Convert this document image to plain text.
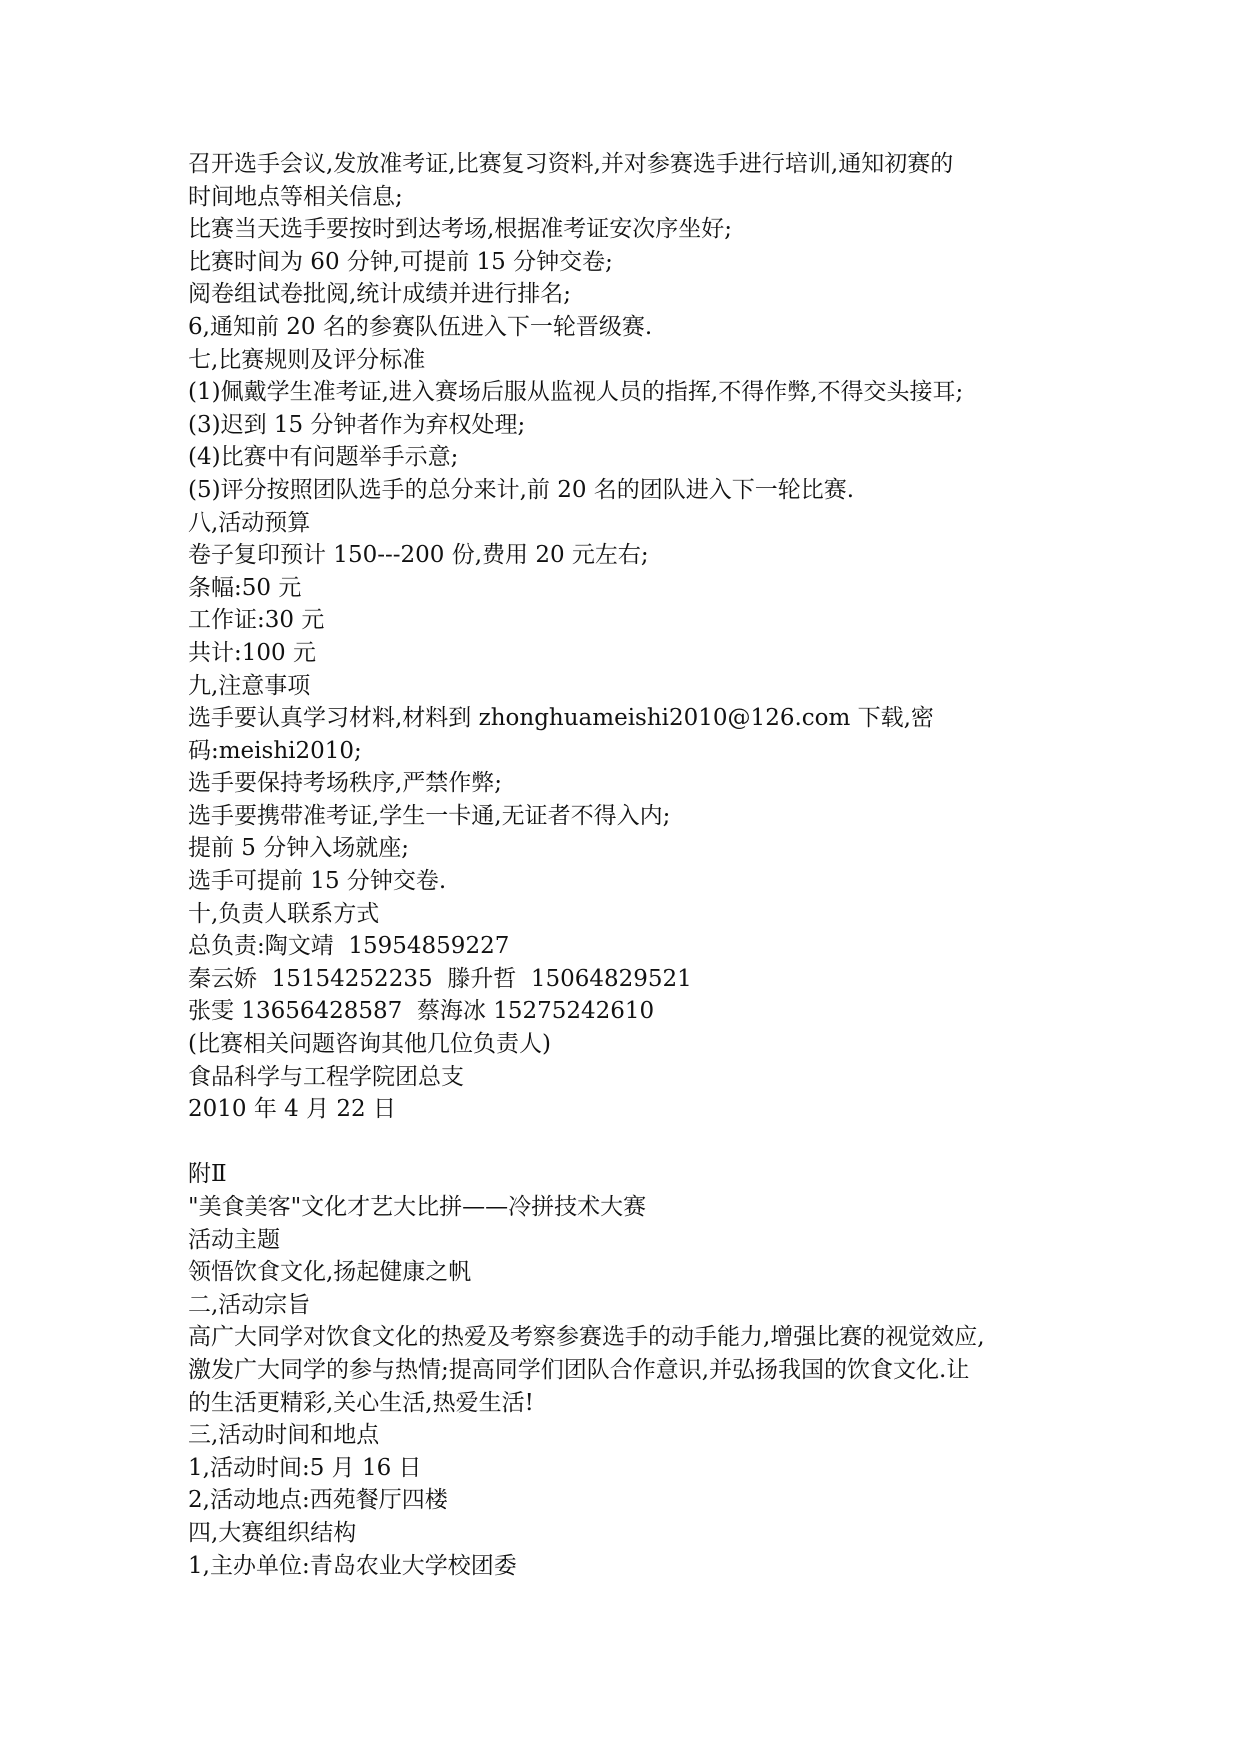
召开选手会议,发放准考证,比赛复习资料,并对参赛选手进行培训,通知初赛的
时间地点等相关信息;
比赛当天选手要按时到达考场,根据准考证安次序坐好;
比赛时间为 60 分钟,可提前 15 分钟交卷;
阅卷组试卷批阅,统计成绩并进行排名;
6,通知前 20 名的参赛队伍进入下一轮晋级赛.
七,比赛规则及评分标准
(1)佩戴学生准考证,进入赛场后服从监视人员的指挥,不得作弊,不得交头接耳;
(3)迟到 15 分钟者作为弃权处理;
(4)比赛中有问题举手示意;
(5)评分按照团队选手的总分来计,前 20 名的团队进入下一轮比赛.
八,活动预算
卷子复印预计 150---200 份,费用 20 元左右;
条幅:50 元
工作证:30 元
共计:100 元
九,注意事项
选手要认真学习材料,材料到 zhonghuameishi2010@126.com 下载,密
码:meishi2010;
选手要保持考场秩序,严禁作弊;
选手要携带准考证,学生一卡通,无证者不得入内;
提前 5 分钟入场就座;
选手可提前 15 分钟交卷.
十,负责人联系方式
总负责:陶文靖  15954859227
秦云娇  15154252235  滕升哲  15064829521
张雯 13656428587  蔡海冰 15275242610
(比赛相关问题咨询其他几位负责人)
食品科学与工程学院团总支
2010 年 4 月 22 日
附Ⅱ
"美食美客"文化才艺大比拼——冷拼技术大赛
活动主题
领悟饮食文化,扬起健康之帆
二,活动宗旨
高广大同学对饮食文化的热爱及考察参赛选手的动手能力,增强比赛的视觉效应,
激发广大同学的参与热情;提高同学们团队合作意识,并弘扬我国的饮食文化.让
的生活更精彩,关心生活,热爱生活!
三,活动时间和地点
1,活动时间:5 月 16 日
2,活动地点:西苑餐厅四楼
四,大赛组织结构
1,主办单位:青岛农业大学校团委
